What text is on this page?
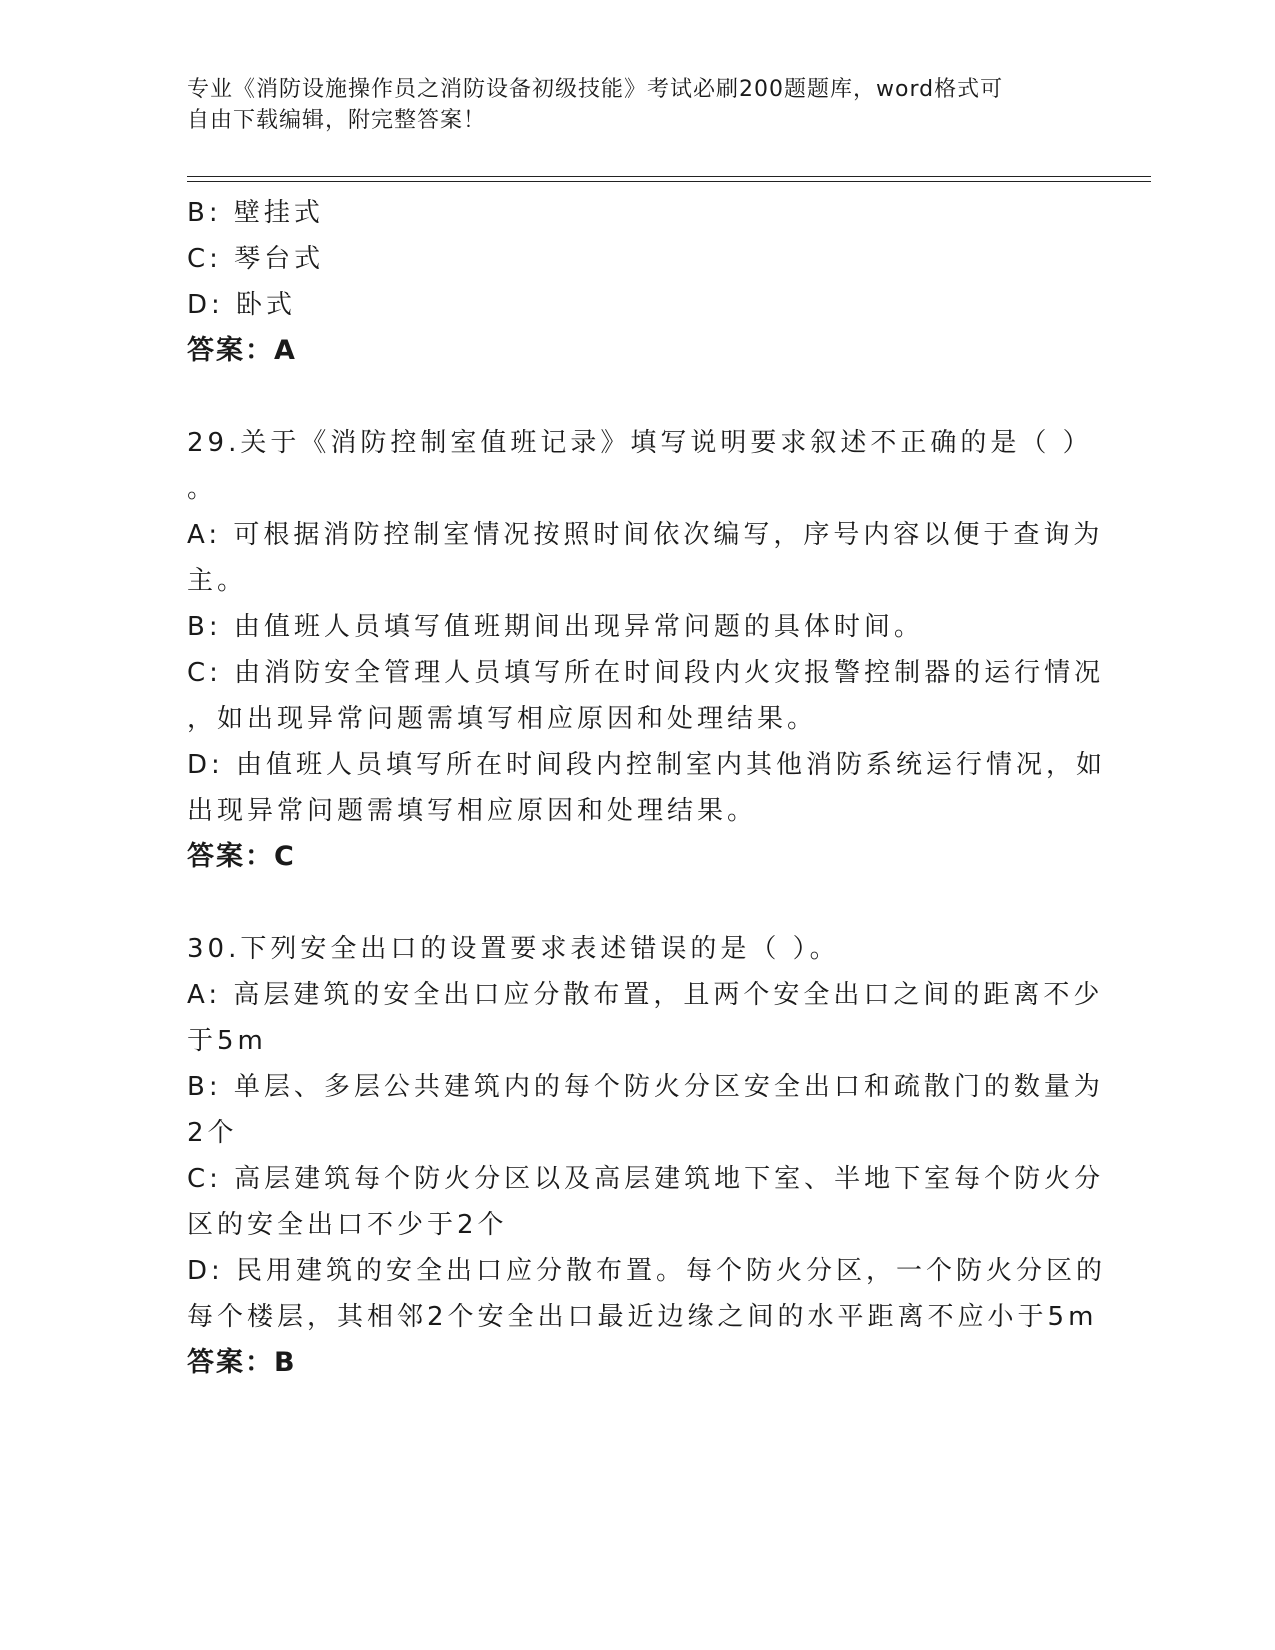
专业《消防设施操作员之消防设备初级技能》考试必刷200题题库，word格式可
自由下载编辑，附完整答案！
B: 壁挂式
C: 琴台式
D: 卧式
答案：A
29.关于《消防控制室值班记录》填写说明要求叙述不正确的是（ ）
。
A: 可根据消防控制室情况按照时间依次编写，序号内容以便于查询为
主。
B: 由值班人员填写值班期间出现异常问题的具体时间。
C: 由消防安全管理人员填写所在时间段内火灾报警控制器的运行情况
，如出现异常问题需填写相应原因和处理结果。
D: 由值班人员填写所在时间段内控制室内其他消防系统运行情况，如
出现异常问题需填写相应原因和处理结果。
答案：C
30.下列安全出口的设置要求表述错误的是（ ）。
A: 高层建筑的安全出口应分散布置，且两个安全出口之间的距离不少
于5m
B: 单层、多层公共建筑内的每个防火分区安全出口和疏散门的数量为
2个
C: 高层建筑每个防火分区以及高层建筑地下室、半地下室每个防火分
区的安全出口不少于2个
D: 民用建筑的安全出口应分散布置。每个防火分区，一个防火分区的
每个楼层，其相邻2个安全出口最近边缘之间的水平距离不应小于5m
答案：B
